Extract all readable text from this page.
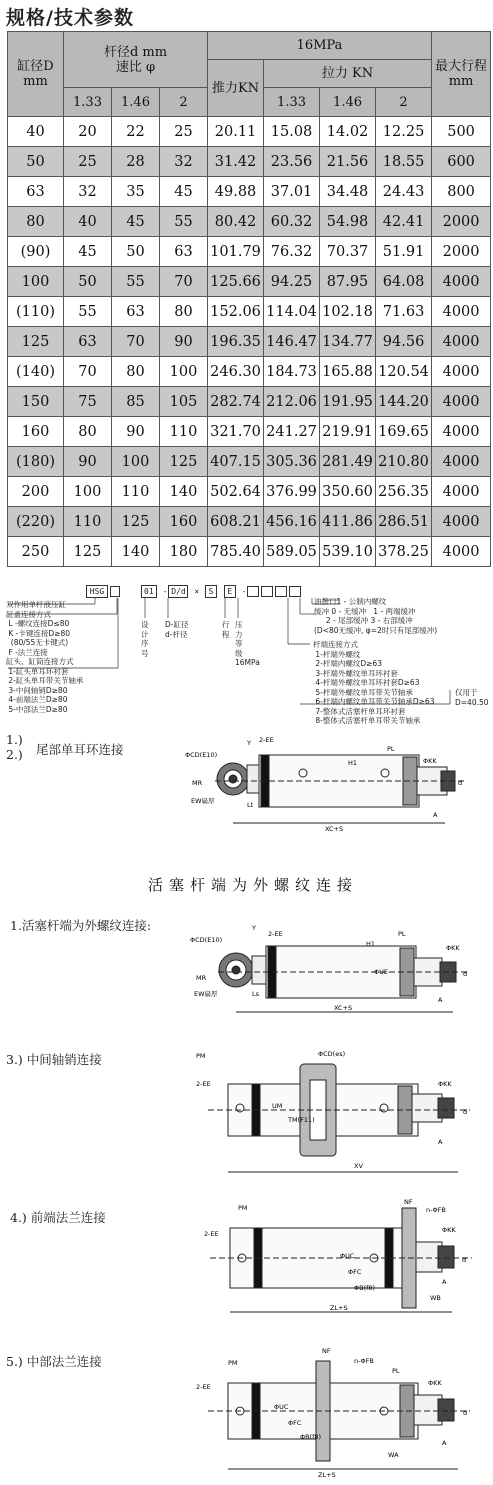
规格/技术参数
缸径D mm	杆径d mm
速比 φ			16MPa				最大行程mm
				推力KN	拉力 KN			
	1.33	1.46	2		1.33	1.46	2	
40	20	22	25	20.11	15.08	14.02	12.25	500
50	25	28	32	31.42	23.56	21.56	18.55	600
63	32	35	45	49.88	37.01	34.48	24.43	800
80	40	45	55	80.42	60.32	54.98	42.41	2000
(90)	45	50	63	101.79	76.32	70.37	51.91	2000
100	50	55	70	125.66	94.25	87.95	64.08	4000
(110)	55	63	80	152.06	114.04	102.18	71.63	4000
125	63	70	90	196.35	146.47	134.77	94.56	4000
(140)	70	80	100	246.30	184.73	165.88	120.54	4000
150	75	85	105	282.74	212.06	191.95	144.20	4000
160	80	90	110	321.70	241.27	219.91	169.65	4000
(180)	90	100	125	407.15	305.36	281.49	210.80	4000
200	100	110	140	502.64	376.99	350.60	256.35	4000
(220)	110	125	160	608.21	456.16	411.86	286.51	4000
250	125	140	180	785.40	589.05	539.10	378.25	4000
HSG	01 - D/d × S E -
双作用单杆液压缸
缸盖连接方式
L -螺纹连接D≤80
K -卡键连接D≥80
(80/55无卡键式)
F -法兰连接
缸头、缸筒连接方式
1-缸头单耳环衬套
2-缸头单耳带关节轴承
3-中间轴销D≥80
4-前端法兰D≥80
5-中部法兰D≥80
设
计
序
号
D-缸径
d-杆径
行
程
压
力
等
级
16MPa
油接口1 - 公制内螺纹
缓冲 0 - 无缓冲   1 - 两端缓冲
2 - 尾部缓冲 3 - 右部缓冲
(D<80无缓冲, φ=2时只有尾部缓冲)
杆端连接方式
1-杆端外螺纹
2-杆端内螺纹D≥63
3-杆端外螺纹单耳环衬套
4-杆端外螺纹单耳环衬套D≥63
5-杆端外螺纹单耳带关节轴承
6-杆端内螺纹单耳带关节轴承D≥63
7-整体式活塞杆单耳环衬套
8-整体式活塞杆单耳带关节轴承
仅用于
D=40.50
1.)
2.) 尾部单耳环连接	ΦCD(E10)
Y 2-EE
PL
ΦKK
H1
MR
EW扁厚	Lt
A
XC+S
d
活塞杆端为外螺纹连接
1.活塞杆端为外螺纹连接:
ΦCD(E10)
Y
2-EE	PL
ΦKK
H1
ΦUE
MR
EW扁厚	Ls
A
XC+S
d
3.) 中间轴销连接	PM	ΦCD(es)
2-EE	ΦKK
UM
TM(F11)
A
XV
d
4.) 前端法兰连接
PM
2-EE
NF
n-ΦFB
ΦKK
ΦUC
ΦFC
ΦB(f8)
A
WB
ZL+S
d
5.) 中部法兰连接	PM
2-EE
NF
n-ΦFB
PL
ΦKK
ΦUC
ΦFC
ΦB(f8)
A
WA
ZL+S
d
